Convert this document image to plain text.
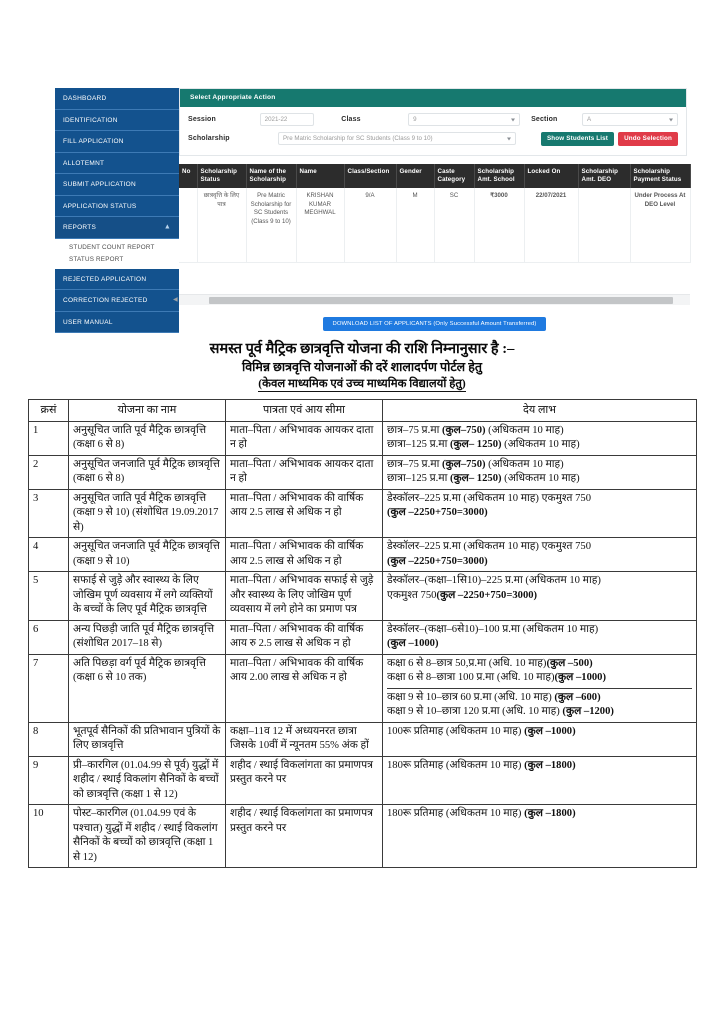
DASHBOARD
IDENTIFICATION
FILL APPLICATION
ALLOTEMNT
SUBMIT APPLICATION
APPLICATION STATUS
REPORTS	▲
STUDENT COUNT REPORT
STATUS REPORT
REJECTED APPLICATION
CORRECTION REJECTED
USER MANUAL
Select Appropriate Action
Session	2021-22	Class	9	Section	A
Scholarship	Pre Matric Scholarship for SC Students (Class 9 to 10)	Show Students List	Undo Selection
No	Scholarship Status	Name of the Scholarship	Name	Class/Section	Gender	Caste Category	Scholarship Amt. School	Locked On	Scholarship Amt. DEO	Scholarship Payment Status
	छात्रवृत्ति के लिए पात्र	Pre Matric Scholarship for SC Students (Class 9 to 10)	KRISHAN KUMAR MEGHWAL	9/A	M	SC	₹3000	22/07/2021		Under Process At DEO Level
◀
DOWNLOAD LIST OF APPLICANTS (Only Successful Amount Transferred)
समस्त पूर्व मैट्रिक छात्रवृत्ति योजना की राशि निम्नानुसार है :–
विमिन्न छात्रवृत्ति योजनाओं की दरें शालादर्पण पोर्टल हेतु
(केवल माध्यमिक एवं उच्च माध्यमिक विद्यालयों हेतु)
क्रसं	योजना का नाम	पात्रता एवं आय सीमा	देय लाभ
1	अनुसूचित जाति पूर्व मैट्रिक छात्रवृत्ति (कक्षा 6 से 8)	माता–पिता / अभिभावक आयकर दाता न हो	छात्र–75 प्र.मा (कुल–750) (अधिकतम 10 माह)
छात्रा–125 प्र.मा (कुल– 1250) (अधिकतम 10 माह)
2	अनुसूचित जनजाति पूर्व मैट्रिक छात्रवृत्ति (कक्षा 6 से 8)	माता–पिता / अभिभावक आयकर दाता न हो	छात्र–75 प्र.मा (कुल–750) (अधिकतम 10 माह)
छात्रा–125 प्र.मा (कुल– 1250) (अधिकतम 10 माह)
3	अनुसूचित जाति पूर्व मैट्रिक छात्रवृत्ति (कक्षा 9 से 10) (संशोधित 19.09.2017 से)	माता–पिता / अभिभावक की वार्षिक आय 2.5 लाख से अधिक न हो	डेस्कॉलर–225 प्र.मा (अधिकतम 10 माह) एकमुश्त 750
(कुल –2250+750=3000)
4	अनुसूचित जनजाति पूर्व मैट्रिक छात्रवृत्ति (कक्षा 9 से 10)	माता–पिता / अभिभावक की वार्षिक आय 2.5 लाख से अधिक न हो	डेस्कॉलर–225 प्र.मा (अधिकतम 10 माह) एकमुश्त 750
(कुल –2250+750=3000)
5	सफाई से जुड़े और स्वास्थ्य के लिए जोखिम पूर्ण व्यवसाय में लगे व्यक्तियों के बच्चों के लिए पूर्व मैट्रिक छात्रवृत्ति	माता–पिता / अभिभावक सफाई से जुड़े और स्वास्थ्य के लिए जोखिम पूर्ण व्यवसाय में लगे होने का प्रमाण पत्र	डेस्कॉलर–(कक्षा–1सि10)–225 प्र.मा (अधिकतम 10 माह)
एकमुश्त 750(कुल –2250+750=3000)
6	अन्य पिछड़ी जाति पूर्व मैट्रिक छात्रवृत्ति (संशोधित 2017–18 से)	माता–पिता / अभिभावक की वार्षिक आय रु 2.5 लाख से अधिक न हो	डेस्कॉलर–(कक्षा–6से10)–100 प्र.मा (अधिकतम 10 माह)
(कुल –1000)
7	अति पिछड़ा वर्ग पूर्व मैट्रिक छात्रवृत्ति (कक्षा 6 से 10 तक)	माता–पिता / अभिभावक की वार्षिक आय 2.00 लाख से अधिक न हो	कक्षा 6 से 8–छात्र 50,प्र.मा (अधि. 10 माह)(कुल –500)
कक्षा 6 से 8–छात्रा 100 प्र.मा (अधि. 10 माह)(कुल –1000)
कक्षा 9 से 10–छात्र 60 प्र.मा (अधि. 10 माह) (कुल –600)
कक्षा 9 से 10–छात्रा 120 प्र.मा (अधि. 10 माह) (कुल –1200)

8	भूतपूर्व सैनिकों की प्रतिभावान पुत्रियों के लिए छात्रवृत्ति	कक्षा–11व 12 में अध्ययनरत छात्रा जिसके 10वीं में न्यूनतम 55% अंक हों	100रू प्रतिमाह (अधिकतम 10 माह) (कुल –1000)
9	प्री–कारगिल (01.04.99 से पूर्व) युद्धों में शहीद / स्थाई विकलांग सैनिकों के बच्चों को छात्रवृत्ति (कक्षा 1 से 12)	शहीद / स्थाई विकलांगता का प्रमाणपत्र प्रस्तुत करने पर	180रू प्रतिमाह (अधिकतम 10 माह) (कुल –1800)
10	पोस्ट–कारगिल (01.04.99 एवं के पश्चात) युद्धों में शहीद / स्थाई विकलांग सैनिकों के बच्चों को छात्रवृत्ति (कक्षा 1 से 12)	शहीद / स्थाई विकलांगता का प्रमाणपत्र प्रस्तुत करने पर	180रू प्रतिमाह (अधिकतम 10 माह) (कुल –1800)
